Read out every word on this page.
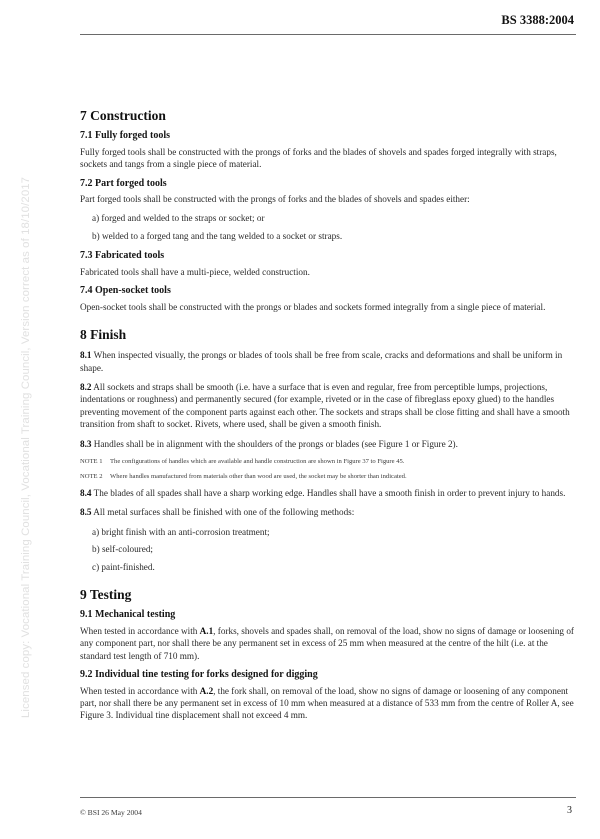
BS 3388:2004
Licensed copy: Vocational Training Council, Vocational Training Council, Version correct as of 18/10/2017
7 Construction
7.1 Fully forged tools

Fully forged tools shall be constructed with the prongs of forks and the blades of shovels and spades forged integrally with straps, sockets and tangs from a single piece of material.

7.2 Part forged tools

Part forged tools shall be constructed with the prongs of forks and the blades of shovels and spades either:

a) forged and welded to the straps or socket; or
b) welded to a forged tang and the tang welded to a socket or straps.
7.3 Fabricated tools

Fabricated tools shall have a multi-piece, welded construction.

7.4 Open-socket tools

Open-socket tools shall be constructed with the prongs or blades and sockets formed integrally from a single piece of material.

8 Finish

8.1 When inspected visually, the prongs or blades of tools shall be free from scale, cracks and deformations and shall be uniform in shape.

8.2 All sockets and straps shall be smooth (i.e. have a surface that is even and regular, free from perceptible lumps, projections, indentations or roughness) and permanently secured (for example, riveted or in the case of fibreglass epoxy glued) to the handles preventing movement of the component parts against each other. The sockets and straps shall be close fitting and shall have a smooth transition from shaft to socket. Rivets, where used, shall be given a smooth finish.

8.3 Handles shall be in alignment with the shoulders of the prongs or blades (see Figure 1 or Figure 2).

NOTE 1 The configurations of handles which are available and handle construction are shown in Figure 37 to Figure 45.
NOTE 2 Where handles manufactured from materials other than wood are used, the socket may be shorter than indicated.

8.4 The blades of all spades shall have a sharp working edge. Handles shall have a smooth finish in order to prevent injury to hands.

8.5 All metal surfaces shall be finished with one of the following methods:

a) bright finish with an anti-corrosion treatment;
b) self-coloured;
c) paint-finished.
9 Testing
9.1 Mechanical testing

When tested in accordance with A.1, forks, shovels and spades shall, on removal of the load, show no signs of damage or loosening of any component part, nor shall there be any permanent set in excess of 25 mm when measured at the centre of the hilt (i.e. at the standard test length of 710 mm).

9.2 Individual tine testing for forks designed for digging

When tested in accordance with A.2, the fork shall, on removal of the load, show no signs of damage or loosening of any component part, nor shall there be any permanent set in excess of 10 mm when measured at a distance of 533 mm from the centre of Roller A, see Figure 3. Individual tine displacement shall not exceed 4 mm.

© BSI 26 May 2004	3
